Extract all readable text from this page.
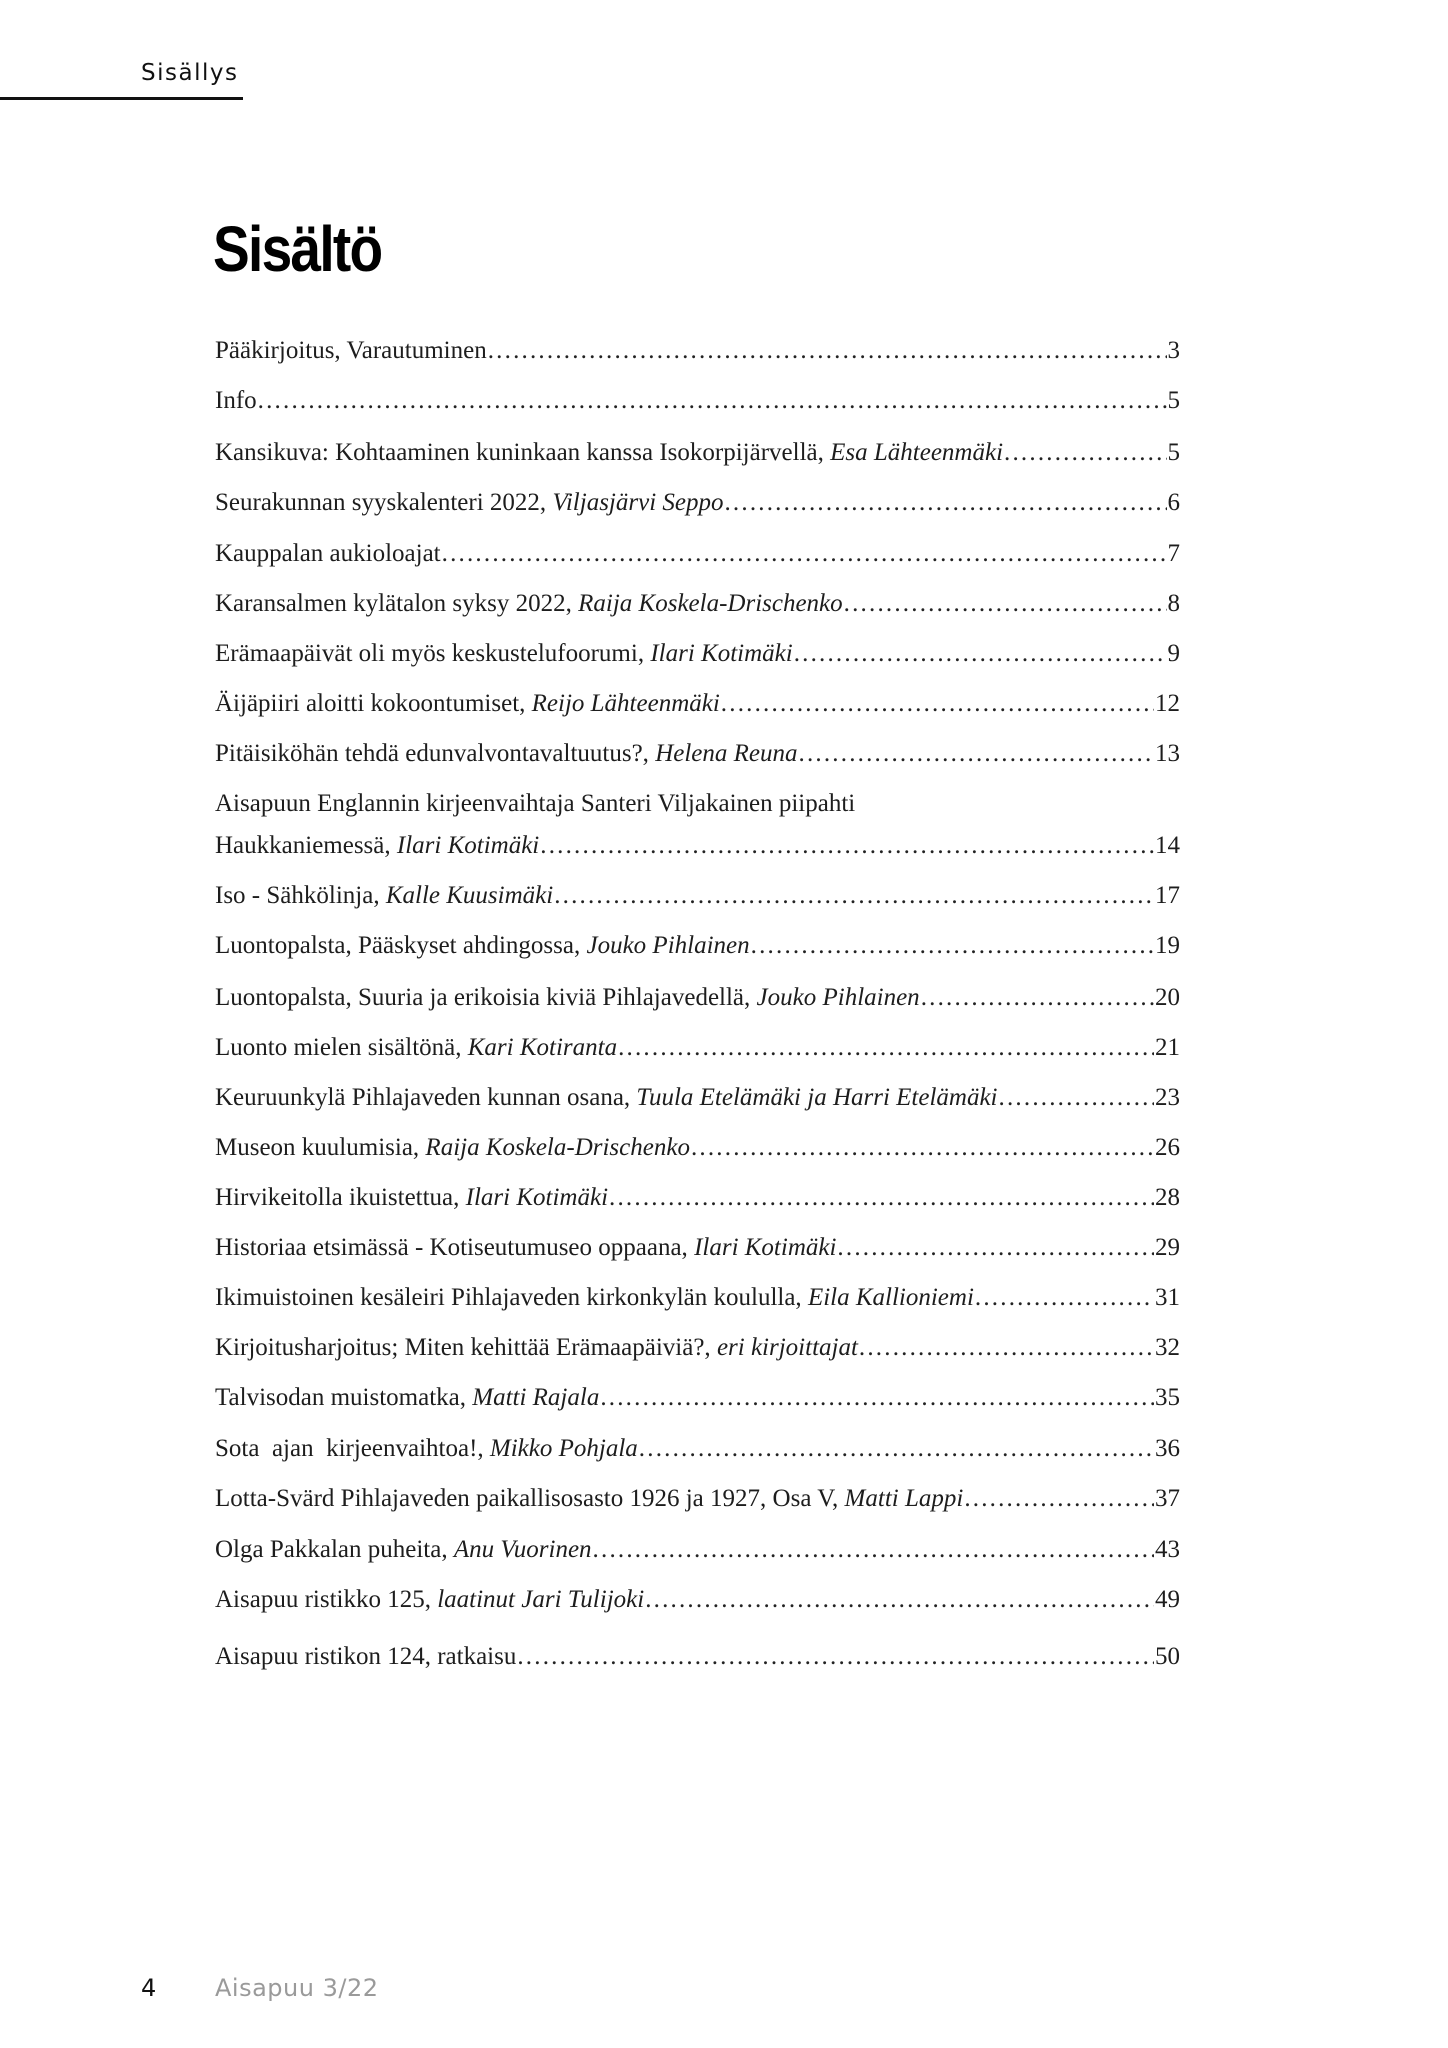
Sisällys
Sisältö
Pääkirjoitus, Varautuminen .....	3
Info .....	5
Kansikuva: Kohtaaminen kuninkaan kanssa Isokorpijärvellä, Esa Lähteenmäki .....	5
Seurakunnan syyskalenteri 2022, Viljasjärvi Seppo .....	6
Kauppalan aukioloajat .....	7
Karansalmen kylätalon syksy 2022, Raija Koskela-Drischenko .....	8
Erämaapäivät oli myös keskustelufoorumi, Ilari Kotimäki .....	9
Äijäpiiri aloitti kokoontumiset, Reijo Lähteenmäki .....	12
Pitäisiköhän tehdä edunvalvontavaltuutus?, Helena Reuna .....	13
Aisapuun Englannin kirjeenvaihtaja Santeri Viljakainen piipahti
Haukkaniemessä, Ilari Kotimäki .....	14
Iso - Sähkölinja, Kalle Kuusimäki .....	17
Luontopalsta, Pääskyset ahdingossa, Jouko Pihlainen .....	19
Luontopalsta, Suuria ja erikoisia kiviä Pihlajavedellä, Jouko Pihlainen .....	20
Luonto mielen sisältönä, Kari Kotiranta .....	21
Keuruunkylä Pihlajaveden kunnan osana, Tuula Etelämäki ja Harri Etelämäki .....	23
Museon kuulumisia, Raija Koskela-Drischenko .....	26
Hirvikeitolla ikuistettua, Ilari Kotimäki .....	28
Historiaa etsimässä - Kotiseutumuseo oppaana, Ilari Kotimäki .....	29
Ikimuistoinen kesäleiri Pihlajaveden kirkonkylän koululla, Eila Kallioniemi .....	31
Kirjoitusharjoitus; Miten kehittää Erämaapäiviä?, eri kirjoittajat .....	32
Talvisodan muistomatka, Matti Rajala .....	35
Sota  ajan  kirjeenvaihtoa!, Mikko Pohjala .....	36
Lotta-Svärd Pihlajaveden paikallisosasto 1926 ja 1927, Osa V, Matti Lappi .....	37
Olga Pakkalan puheita, Anu Vuorinen .....	43
Aisapuu ristikko 125, laatinut Jari Tulijoki .....	49
Aisapuu ristikon 124, ratkaisu .....	50
4 Aisapuu 3/22
